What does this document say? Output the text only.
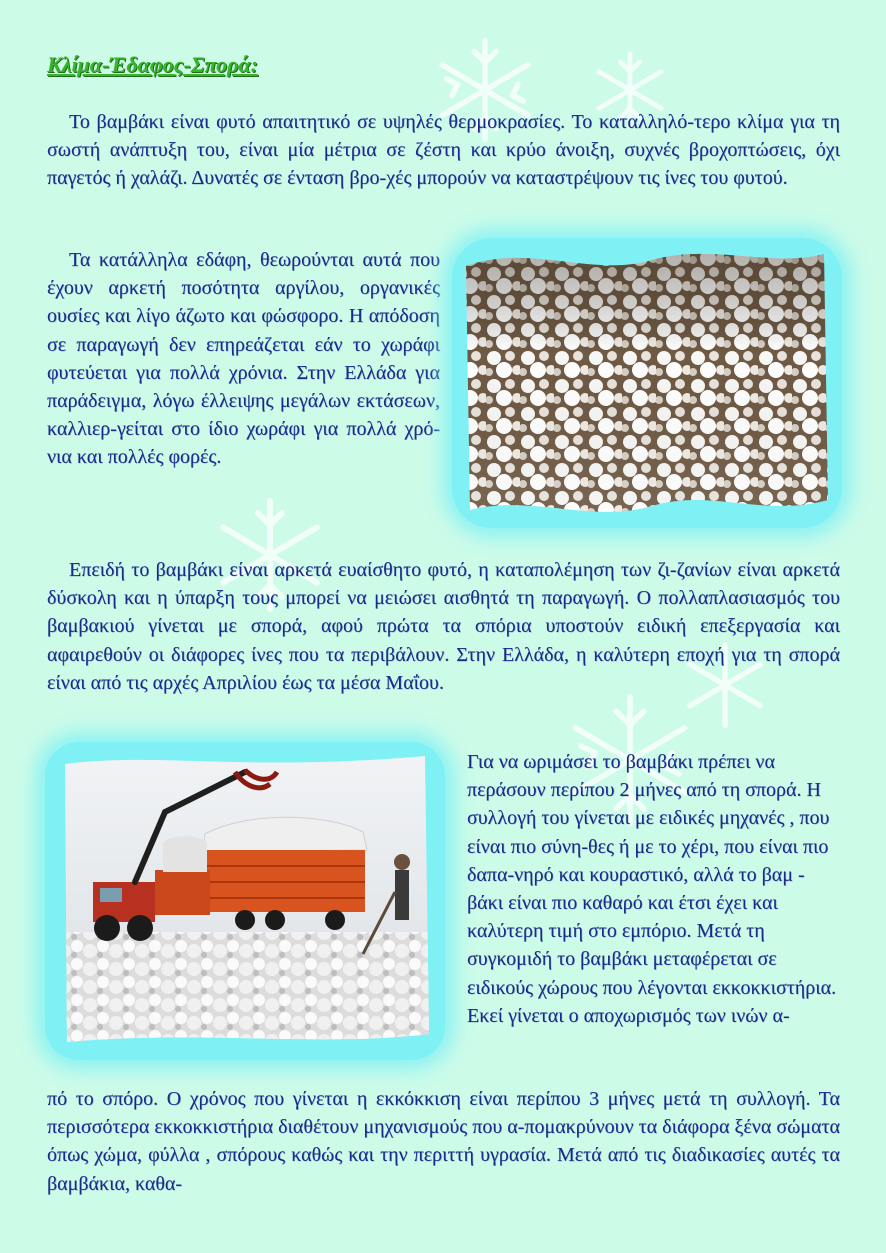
Κλίμα-Έδαφος-Σπορά:

Το βαμβάκι είναι φυτό απαιτητικό σε υψηλές θερμοκρασίες. Το καταλληλό-τερο κλίμα για τη σωστή ανάπτυξη του, είναι μία μέτρια σε ζέστη και κρύο άνοιξη, συχνές βροχοπτώσεις, όχι παγετός ή χαλάζι. Δυνατές σε ένταση βρο-χές μπορούν να καταστρέψουν τις ίνες του φυτού.

Τα κατάλληλα εδάφη, θεωρούνται αυτά που έχουν αρκετή ποσότητα αργίλου, οργανικές ουσίες και λίγο άζωτο και φώσφορο. Η απόδοση σε παραγωγή δεν επηρεάζεται εάν το χωράφι φυτεύεται για πολλά χρόνια. Στην Ελλάδα για παράδειγμα, λόγω έλλειψης μεγάλων εκτάσεων, καλλιερ-γείται στο ίδιο χωράφι για πολλά χρό-νια και πολλές φορές.

Επειδή το βαμβάκι είναι αρκετά ευαίσθητο φυτό, η καταπολέμηση των ζι-ζανίων είναι αρκετά δύσκολη και η ύπαρξη τους μπορεί να μειώσει αισθητά τη παραγωγή. Ο πολλαπλασιασμός του βαμβακιού γίνεται με σπορά, αφού πρώτα τα σπόρια υποστούν ειδική επεξεργασία και αφαιρεθούν οι διάφορες ίνες που τα περιβάλουν. Στην Ελλάδα, η καλύτερη εποχή για τη σπορά είναι από τις αρχές Απριλίου έως τα μέσα Μαΐου.

Για να ωριμάσει το βαμβάκι πρέπει να περάσουν περίπου 2 μήνες από τη σπορά. Η συλλογή του γίνεται με ειδικές μηχανές , που είναι πιο σύνη-θες ή με το χέρι, που είναι πιο δαπα-νηρό και κουραστικό, αλλά το βαμ - βάκι είναι πιο καθαρό και έτσι έχει και καλύτερη τιμή στο εμπόριο. Μετά τη συγκομιδή το βαμβάκι μεταφέρεται σε ειδικούς χώρους που λέγονται εκκοκκιστήρια. Εκεί γίνεται ο αποχωρισμός των ινών α-

πό το σπόρο. Ο χρόνος που γίνεται η εκκόκκιση είναι περίπου 3 μήνες μετά τη συλλογή. Τα περισσότερα εκκοκκιστήρια διαθέτουν μηχανισμούς που α-πομακρύνουν τα διάφορα ξένα σώματα όπως χώμα, φύλλα , σπόρους καθώς και την περιττή υγρασία. Μετά από τις διαδικασίες αυτές τα βαμβάκια, καθα-
